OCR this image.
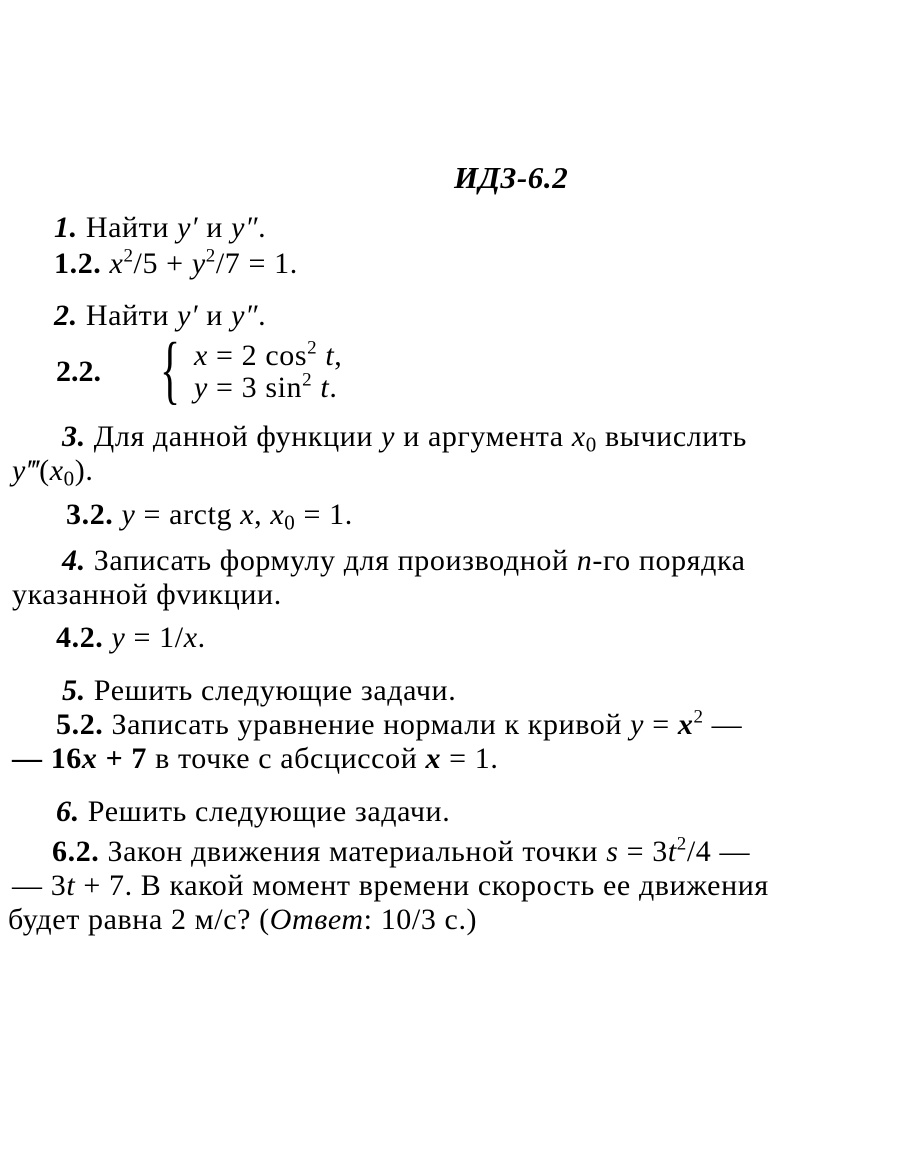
ИДЗ-6.2
1. Найти y′ и y″.
1.2. $x^2/5 + y^2/7 = 1$.
2. Найти y′ и y″.
2.2. { x = 2 $\cos^2 t$,
y = 3 $\sin^2 t$.
3. Для данной функции y и аргумента $x_0$ вычислить
$y‴(x_0)$.
3.2. y = arctg x, $x_0 = 1$.
4. Записать формулу для производной n-го порядка
указанной фvикции.
4.2. y = 1/x.
5. Решить следующие задачи.
5.2. Записать уравнение нормали к кривой $y = x^2$ —
— 16x + 7 в точке с абсциссой x = 1.
6. Решить следующие задачи.
6.2. Закон движения материальной точки $s = 3t^2/4$ —
— 3t + 7. В какой момент времени скорость ее движения
будет равна 2 м/с? (Ответ: 10/3 с.)
